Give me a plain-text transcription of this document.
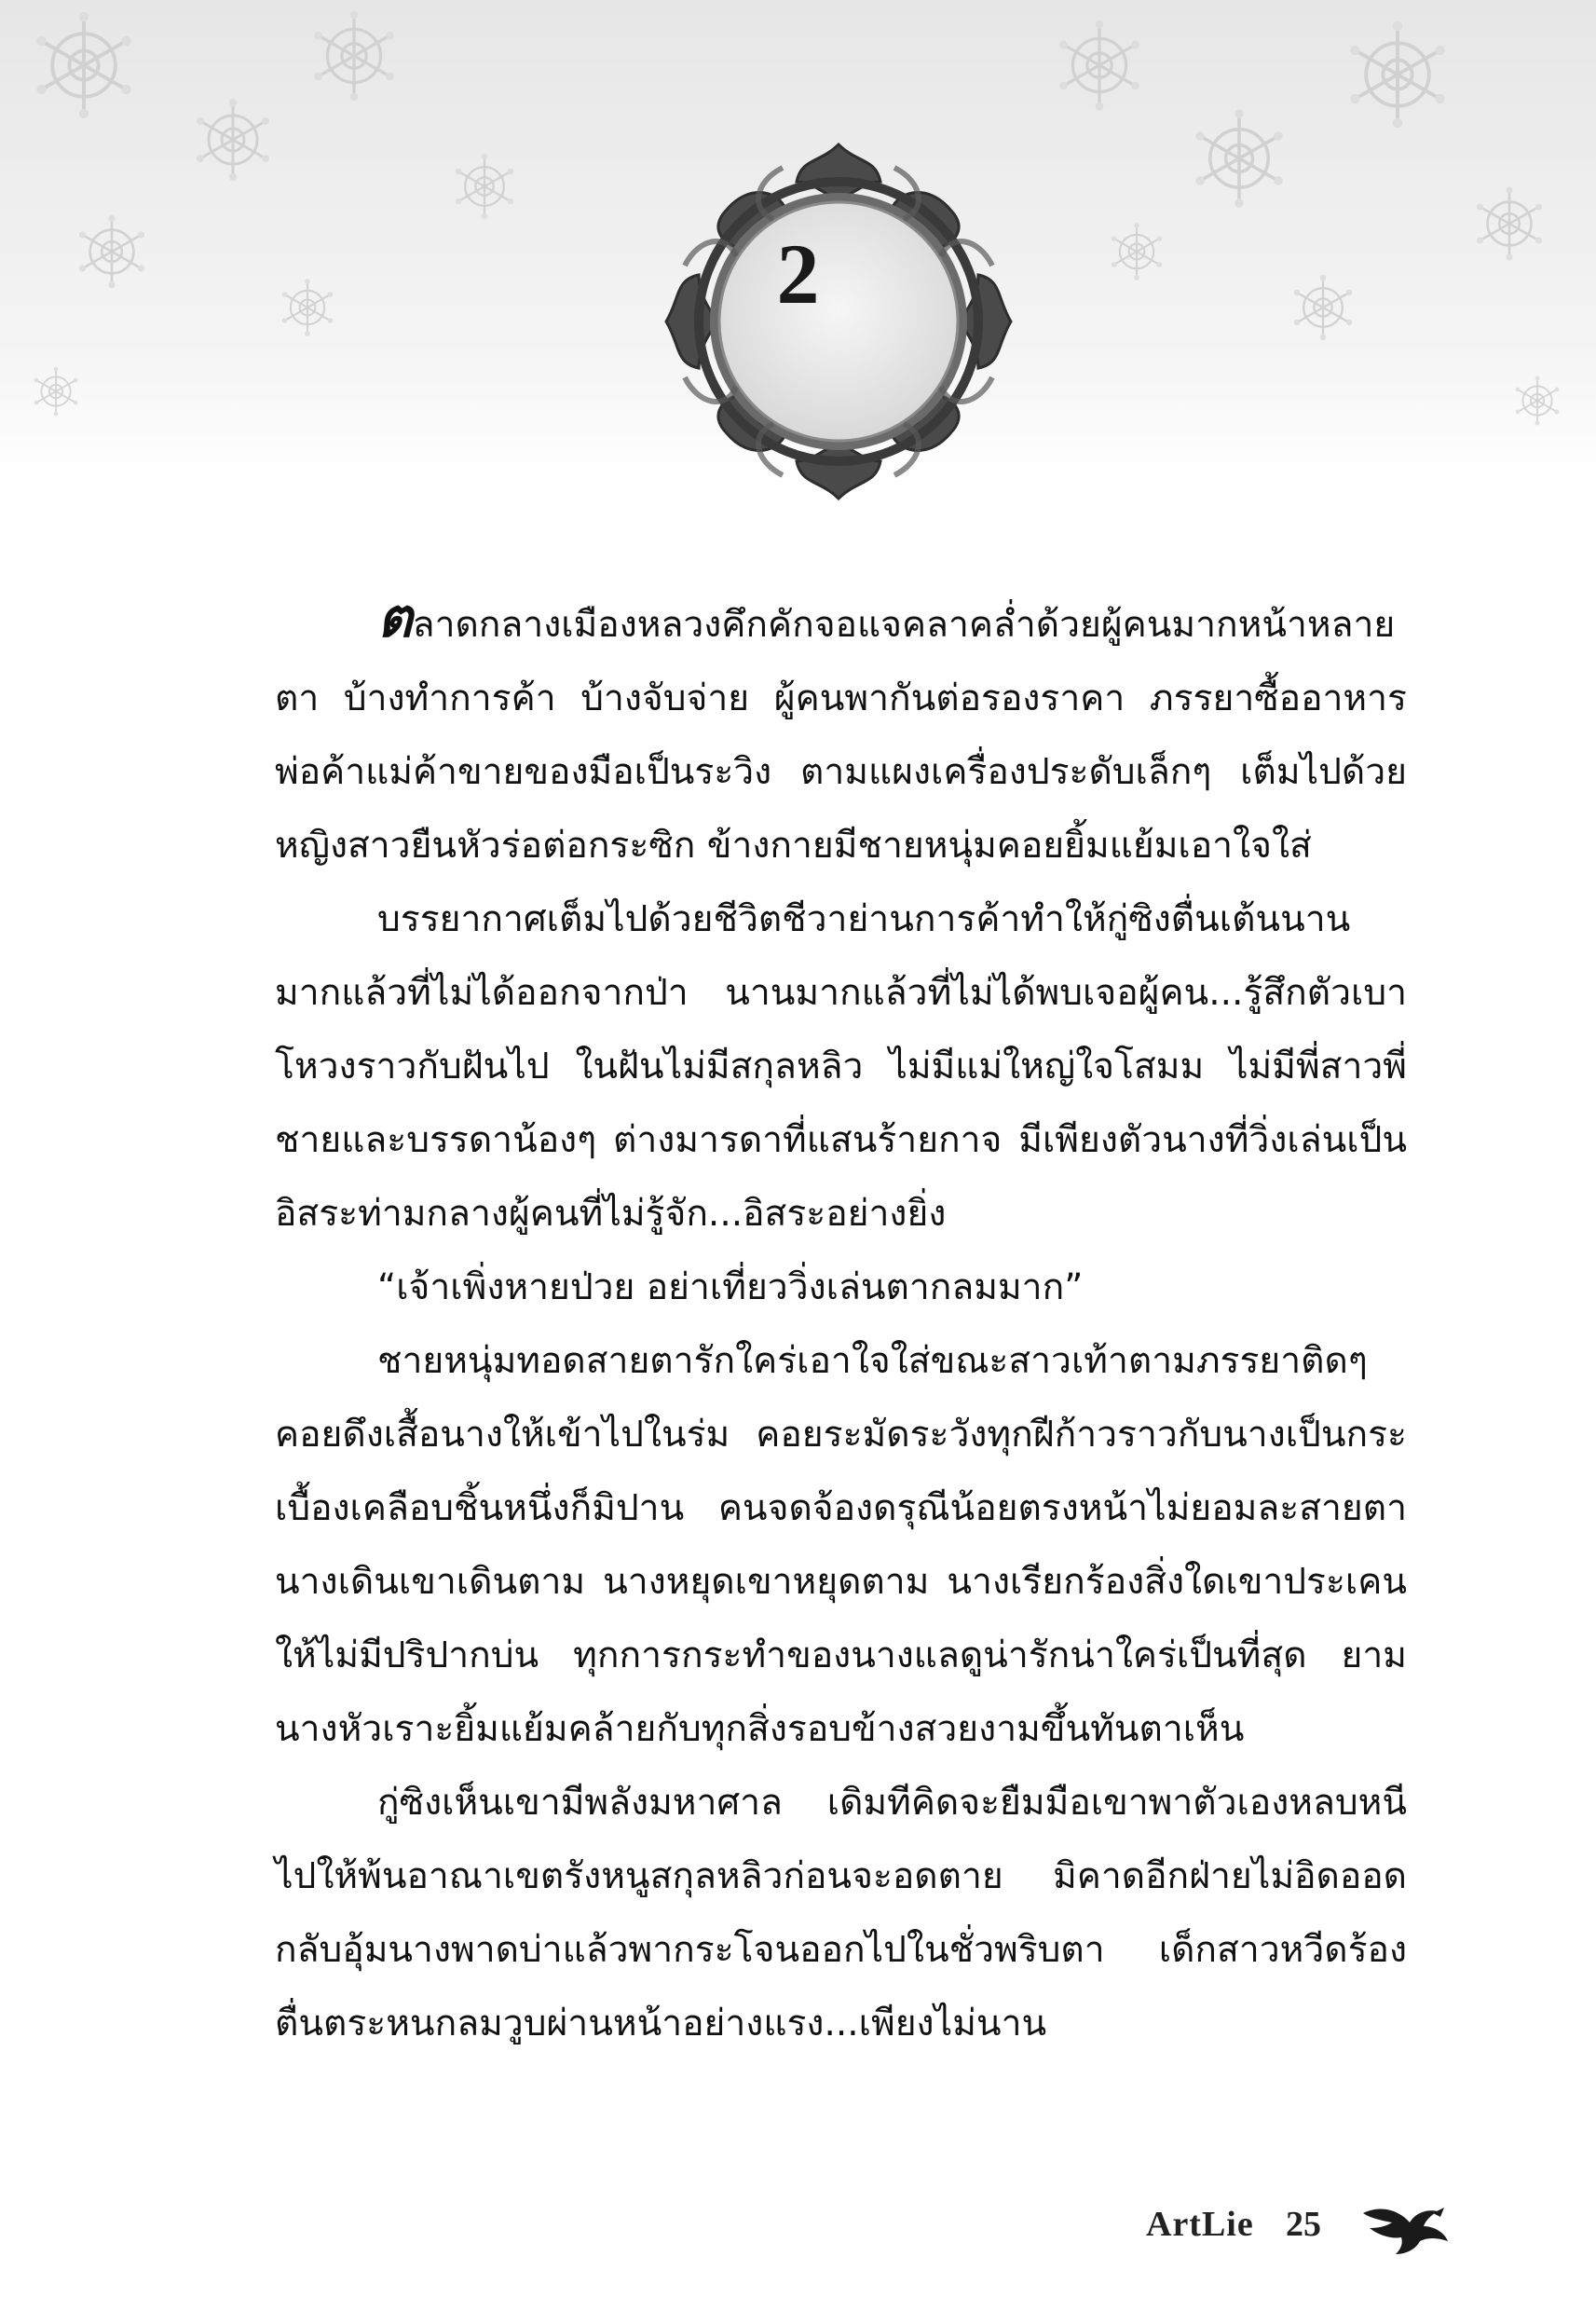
2

ตลาดกลางเมืองหลวงคึกคักจอแจคลาคล่ำด้วยผู้คนมากหน้าหลายตา บ้างทำการค้า บ้างจับจ่าย ผู้คนพากันต่อรองราคา ภรรยาซื้ออาหาร พ่อค้าแม่ค้าขายของมือเป็นระวิง ตามแผงเครื่องประดับเล็กๆ เต็มไปด้วยหญิงสาวยืนหัวร่อต่อกระซิก ข้างกายมีชายหนุ่มคอยยิ้มแย้มเอาใจใส่

บรรยากาศเต็มไปด้วยชีวิตชีวาย่านการค้าทำให้กู่ซิงตื่นเต้นนานมากแล้วที่ไม่ได้ออกจากป่า นานมากแล้วที่ไม่ได้พบเจอผู้คน...รู้สึกตัวเบาโหวงราวกับฝันไป ในฝันไม่มีสกุลหลิว ไม่มีแม่ใหญ่ใจโสมม ไม่มีพี่สาวพี่ชายและบรรดาน้องๆ ต่างมารดาที่แสนร้ายกาจ มีเพียงตัวนางที่วิ่งเล่นเป็นอิสระท่ามกลางผู้คนที่ไม่รู้จัก...อิสระอย่างยิ่ง

“เจ้าเพิ่งหายป่วย อย่าเที่ยววิ่งเล่นตากลมมาก”

ชายหนุ่มทอดสายตารักใคร่เอาใจใส่ขณะสาวเท้าตามภรรยาติดๆ คอยดึงเสื้อนางให้เข้าไปในร่ม คอยระมัดระวังทุกฝีก้าวราวกับนางเป็นกระเบื้องเคลือบชิ้นหนึ่งก็มิปาน คนจดจ้องดรุณีน้อยตรงหน้าไม่ยอมละสายตา นางเดินเขาเดินตาม นางหยุดเขาหยุดตาม นางเรียกร้องสิ่งใดเขาประเคนให้ไม่มีปริปากบ่น ทุกการกระทำของนางแลดูน่ารักน่าใคร่เป็นที่สุด ยามนางหัวเราะยิ้มแย้มคล้ายกับทุกสิ่งรอบข้างสวยงามขึ้นทันตาเห็น

กู่ซิงเห็นเขามีพลังมหาศาล เดิมทีคิดจะยืมมือเขาพาตัวเองหลบหนีไปให้พ้นอาณาเขตรังหนูสกุลหลิวก่อนจะอดตาย มิคาดอีกฝ่ายไม่อิดออดกลับอุ้มนางพาดบ่าแล้วพากระโจนออกไปในชั่วพริบตา เด็กสาวหวีดร้องตื่นตระหนกลมวูบผ่านหน้าอย่างแรง...เพียงไม่นาน

ArtLie 25
